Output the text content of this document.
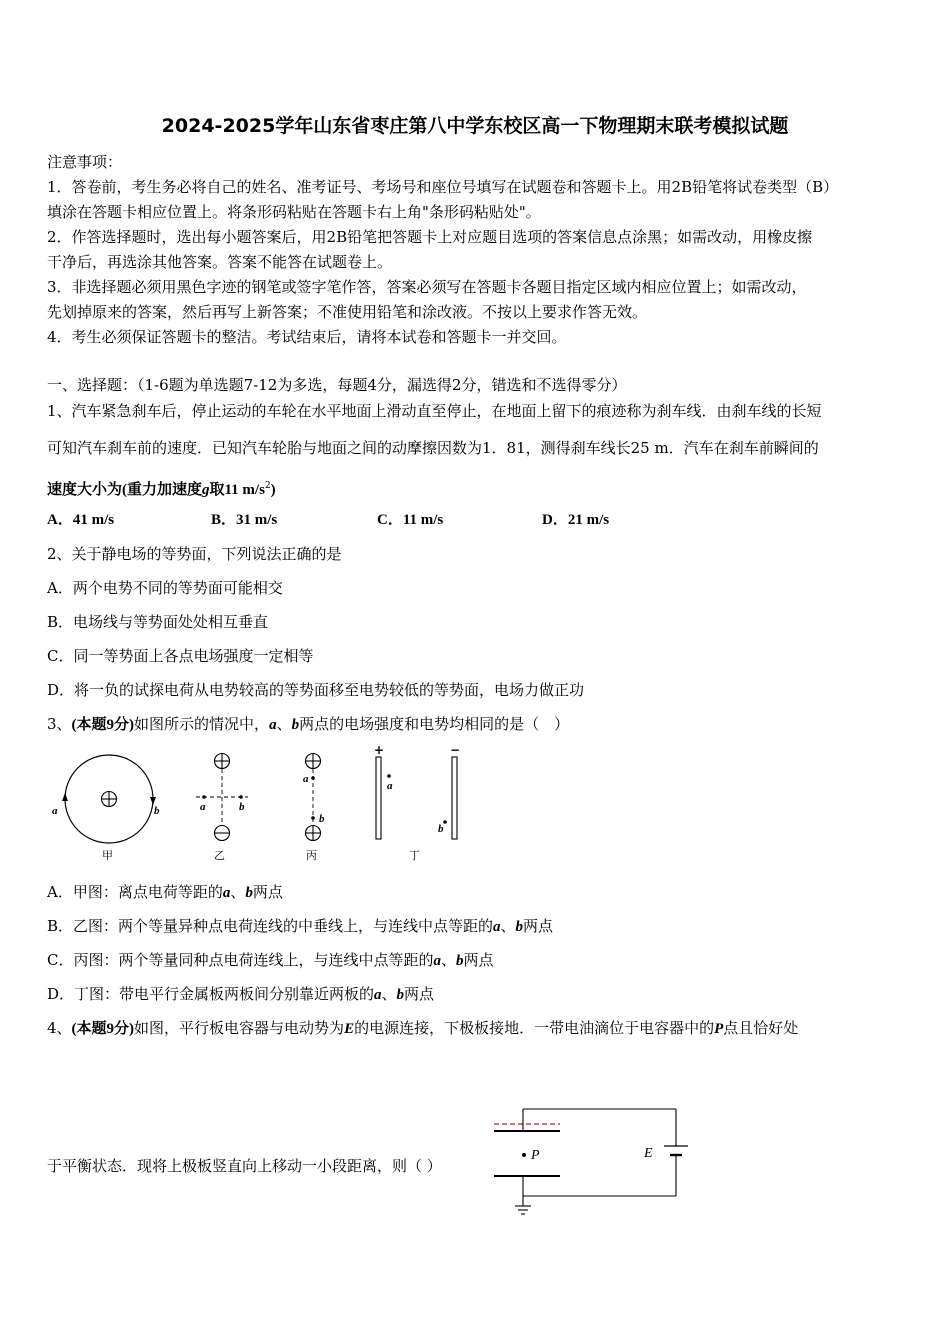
2024-2025学年山东省枣庄第八中学东校区高一下物理期末联考模拟试题
注意事项：
1．答卷前，考生务必将自己的姓名、准考证号、考场号和座位号填写在试题卷和答题卡上。用2B铅笔将试卷类型（B）
填涂在答题卡相应位置上。将条形码粘贴在答题卡右上角"条形码粘贴处"。
2．作答选择题时，选出每小题答案后，用2B铅笔把答题卡上对应题目选项的答案信息点涂黑；如需改动，用橡皮擦
干净后，再选涂其他答案。答案不能答在试题卷上。
3．非选择题必须用黑色字迹的钢笔或签字笔作答，答案必须写在答题卡各题目指定区域内相应位置上；如需改动，
先划掉原来的答案，然后再写上新答案；不准使用铅笔和涂改液。不按以上要求作答无效。
4．考生必须保证答题卡的整洁。考试结束后，请将本试卷和答题卡一并交回。
一、选择题：（1-6题为单选题7-12为多选，每题4分，漏选得2分，错选和不选得零分）
1、汽车紧急刹车后，停止运动的车轮在水平地面上滑动直至停止，在地面上留下的痕迹称为刹车线．由刹车线的长短
可知汽车刹车前的速度．已知汽车轮胎与地面之间的动摩擦因数为1．81，测得刹车线长25 m．汽车在刹车前瞬间的
速度大小为(重力加速度g取11 $m/s^2$)
A．41 m/s	B．31 m/s	C．11 m/s	D．21 m/s
2、关于静电场的等势面，下列说法正确的是
A．两个电势不同的等势面可能相交
B．电场线与等势面处处相互垂直
C．同一等势面上各点电场强度一定相等
D．将一负的试探电荷从电势较高的等势面移至电势较低的等势面，电场力做正功
3、(本题9分)如图所示的情况中，a、b两点的电场强度和电势均相同的是（　）
a	b
甲
a	b
乙
a
b
丙
+	−
a
b
丁
A．甲图：离点电荷等距的a、b两点
B．乙图：两个等量异种点电荷连线的中垂线上，与连线中点等距的a、b两点
C．丙图：两个等量同种点电荷连线上，与连线中点等距的a、b两点
D．丁图：带电平行金属板两板间分别靠近两板的a、b两点
4、(本题9分)如图，平行板电容器与电动势为E的电源连接，下极板接地．一带电油滴位于电容器中的P点且恰好处
于平衡状态．现将上极板竖直向上移动一小段距离，则（ ）
P	E
